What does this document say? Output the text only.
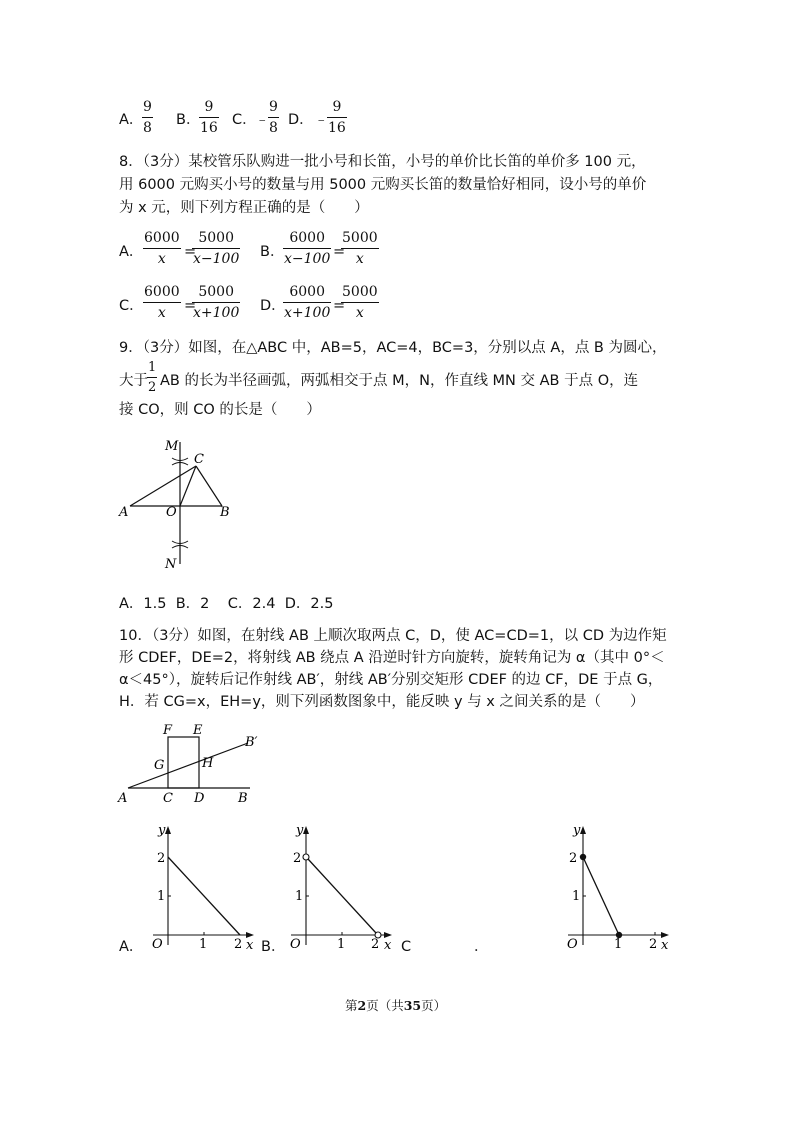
A．
$\frac{9}{8}$ B．
$\frac{9}{16}$ C．
﹣
$\frac{9}{8}$ D． ﹣
$\frac{9}{16}$
8．（3分）某校管乐队购进一批小号和长笛，小号的单价比长笛的单价多 100 元，
用 6000 元购买小号的数量与用 5000 元购买长笛的数量恰好相同，设小号的单价
为 x 元，则下列方程正确的是（　　）
A． $\frac{6000}{x}$ =
$\frac{5000}{x-100}$ B．
$\frac{6000}{x-100}$ =
$\frac{5000}{x}$
C． $\frac{6000}{x}$ =
$\frac{5000}{x+100}$ D．
$\frac{6000}{x+100}$ =
$\frac{5000}{x}$
9．（3分）如图，在△ABC 中，AB=5，AC=4，BC=3，分别以点 A，点 B 为圆心，
大于 $\frac{1}{2}$ AB 的长为半径画弧，两弧相交于点 M，N，作直线 MN 交 AB 于点 O，连
接 CO，则 CO 的长是（　　）
M
C
A	O	B
N
A．1.5  B．2    C．2.4  D．2.5
10．（3分）如图，在射线 AB 上顺次取两点 C，D，使 AC=CD=1，以 CD 为边作矩
形 CDEF，DE=2，将射线 AB 绕点 A 沿逆时针方向旋转，旋转角记为 α（其中 0°＜
α＜45°），旋转后记作射线 AB′，射线 AB′分别交矩形 CDEF 的边 CF，DE 于点 G，
H．若 CG=x，EH=y，则下列函数图象中，能反映 y 与 x 之间关系的是（　　）
F E
B′
G	H
A	C D	B
y
2
1
O	1 2 x
y
2
1
O	1 2 x
y
2
1
O	1 2 x
A．	B．	C	．
第2页（共35页）
